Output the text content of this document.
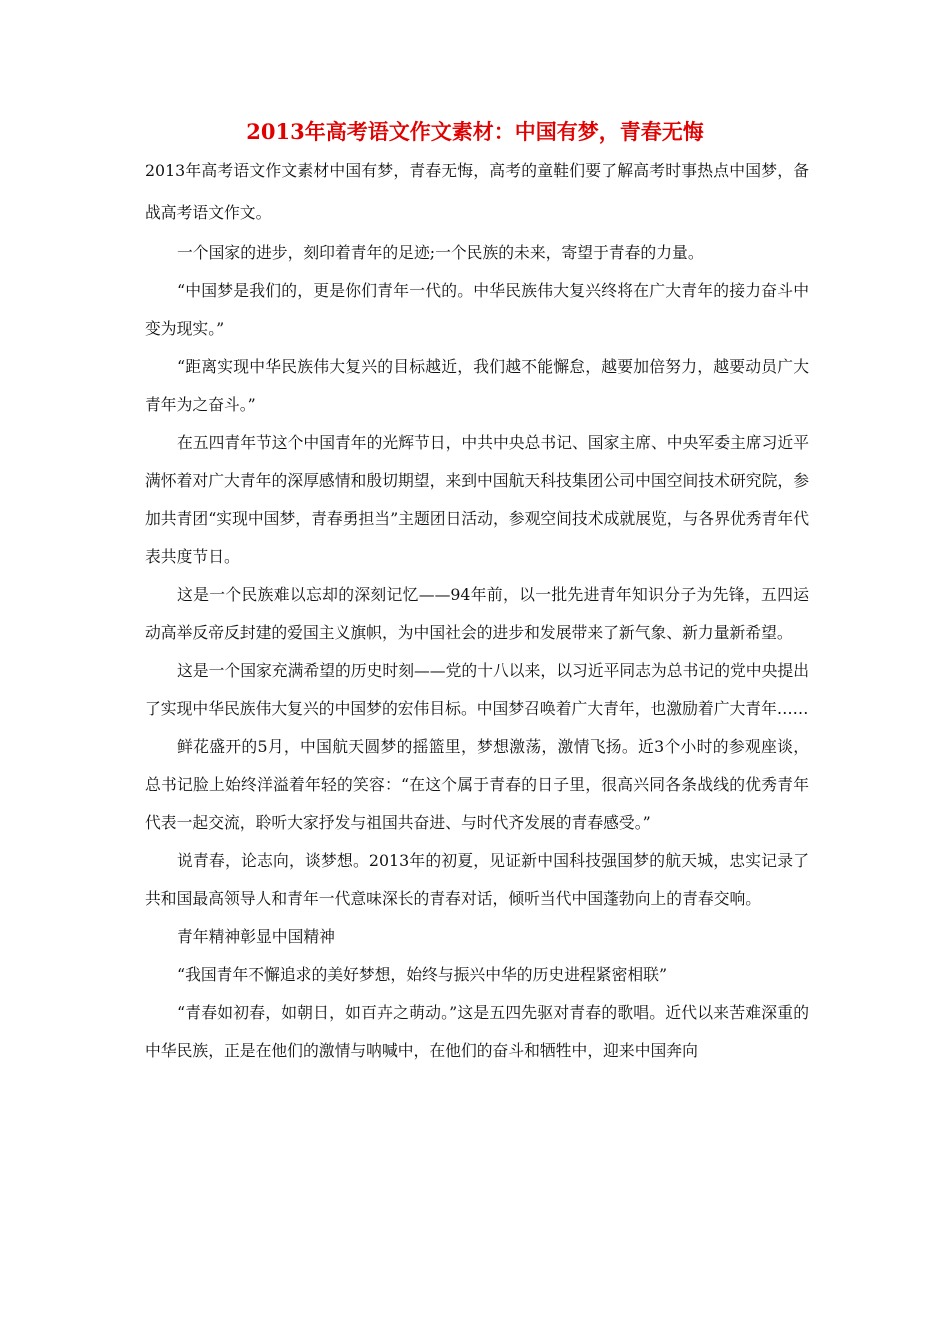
2013年高考语文作文素材：中国有梦，青春无悔

2013年高考语文作文素材中国有梦，青春无悔，高考的童鞋们要了解高考时事热点中国梦，备战高考语文作文。

一个国家的进步，刻印着青年的足迹;一个民族的未来，寄望于青春的力量。

“中国梦是我们的，更是你们青年一代的。中华民族伟大复兴终将在广大青年的接力奋斗中变为现实。”

“距离实现中华民族伟大复兴的目标越近，我们越不能懈怠，越要加倍努力，越要动员广大青年为之奋斗。”

在五四青年节这个中国青年的光辉节日，中共中央总书记、国家主席、中央军委主席习近平满怀着对广大青年的深厚感情和殷切期望，来到中国航天科技集团公司中国空间技术研究院，参加共青团“实现中国梦，青春勇担当”主题团日活动，参观空间技术成就展览，与各界优秀青年代表共度节日。

这是一个民族难以忘却的深刻记忆——94年前，以一批先进青年知识分子为先锋，五四运动高举反帝反封建的爱国主义旗帜，为中国社会的进步和发展带来了新气象、新力量新希望。

这是一个国家充满希望的历史时刻——党的十八以来，以习近平同志为总书记的党中央提出了实现中华民族伟大复兴的中国梦的宏伟目标。中国梦召唤着广大青年，也激励着广大青年……

鲜花盛开的5月，中国航天圆梦的摇篮里，梦想激荡，激情飞扬。近3个小时的参观座谈，总书记脸上始终洋溢着年轻的笑容：“在这个属于青春的日子里，很高兴同各条战线的优秀青年代表一起交流，聆听大家抒发与祖国共奋进、与时代齐发展的青春感受。”

说青春，论志向，谈梦想。2013年的初夏，见证新中国科技强国梦的航天城，忠实记录了共和国最高领导人和青年一代意味深长的青春对话，倾听当代中国蓬勃向上的青春交响。

青年精神彰显中国精神

“我国青年不懈追求的美好梦想，始终与振兴中华的历史进程紧密相联”

“青春如初春，如朝日，如百卉之萌动。”这是五四先驱对青春的歌唱。近代以来苦难深重的中华民族，正是在他们的激情与呐喊中，在他们的奋斗和牺牲中，迎来中国奔向
